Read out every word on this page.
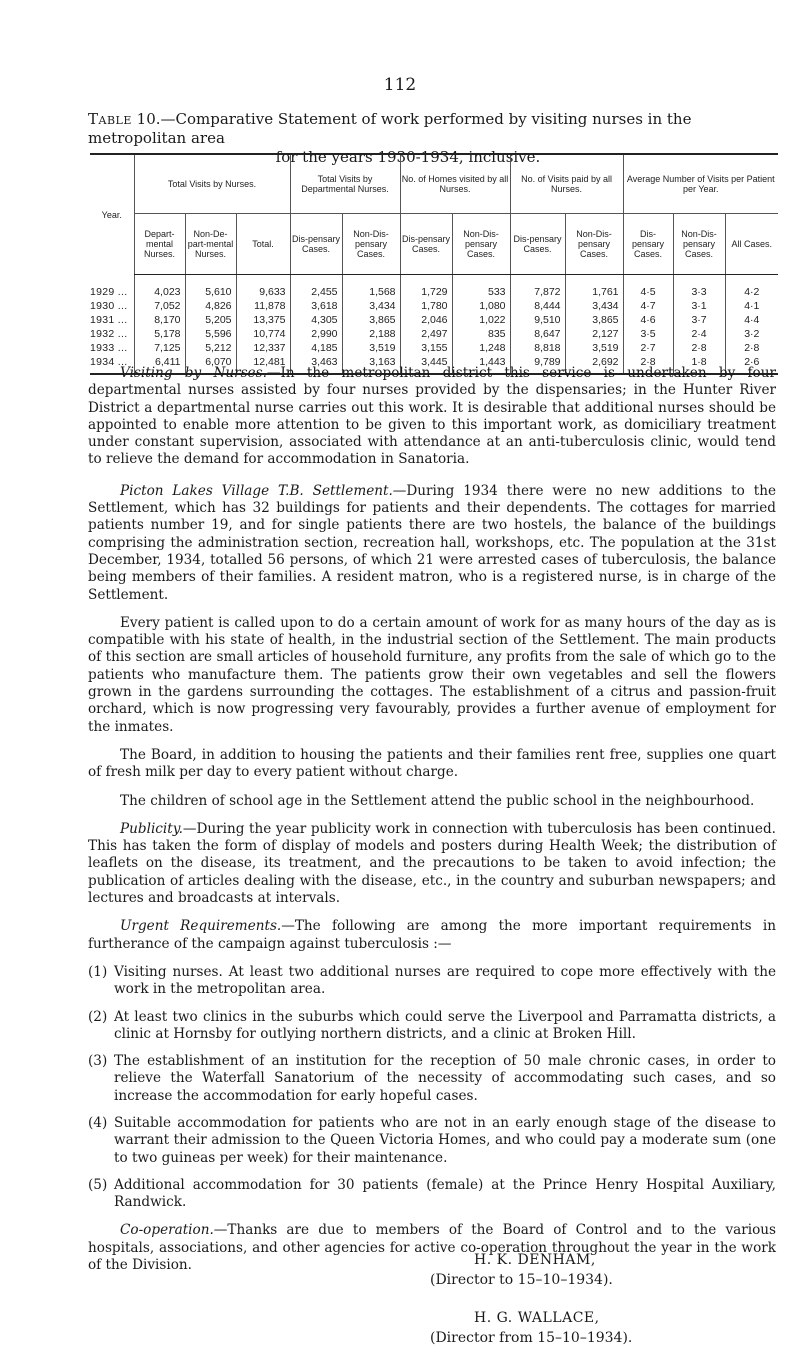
112
Table 10.—Comparative Statement of work performed by visiting nurses in the metropolitan area
for the years 1930-1934, inclusive.
Year.	Total Visits by Nurses.			Total Visits by Departmental Nurses.		No. of Homes visited by all Nurses.		No. of Visits paid by all Nurses.		Average Number of Visits per Patient per Year.		
	Depart-mental Nurses.	Non-De-part-mental Nurses.	Total.	Dis-pensary Cases.	Non-Dis-pensary Cases.	Dis-pensary Cases.	Non-Dis-pensary Cases.	Dis-pensary Cases.	Non-Dis-pensary Cases.	Dis-pensary Cases.	Non-Dis-pensary Cases.	All Cases.
1929 ...	4,023	5,610	9,633	2,455	1,568	1,729	533	7,872	1,761	4·5	3·3	4·2
1930 ...	7,052	4,826	11,878	3,618	3,434	1,780	1,080	8,444	3,434	4·7	3·1	4·1
1931 ...	8,170	5,205	13,375	4,305	3,865	2,046	1,022	9,510	3,865	4·6	3·7	4·4
1932 ...	5,178	5,596	10,774	2,990	2,188	2,497	835	8,647	2,127	3·5	2·4	3·2
1933 ...	7,125	5,212	12,337	4,185	3,519	3,155	1,248	8,818	3,519	2·7	2·8	2·8
1934 ...	6,411	6,070	12,481	3,463	3,163	3,445	1,443	9,789	2,692	2·8	1·8	2·6

Visiting by Nurses.—In the metropolitan district this service is undertaken by four departmental nurses assisted by four nurses provided by the dispensaries; in the Hunter River District a departmental nurse carries out this work. It is desirable that additional nurses should be appointed to enable more attention to be given to this important work, as domiciliary treatment under constant supervision, associated with attendance at an anti-tuberculosis clinic, would tend to relieve the demand for accommodation in Sanatoria.

Picton Lakes Village T.B. Settlement.—During 1934 there were no new additions to the Settlement, which has 32 buildings for patients and their dependents. The cottages for married patients number 19, and for single patients there are two hostels, the balance of the buildings comprising the administration section, recreation hall, workshops, etc. The population at the 31st December, 1934, totalled 56 persons, of which 21 were arrested cases of tuberculosis, the balance being members of their families. A resident matron, who is a registered nurse, is in charge of the Settlement.

Every patient is called upon to do a certain amount of work for as many hours of the day as is compatible with his state of health, in the industrial section of the Settlement. The main products of this section are small articles of household furniture, any profits from the sale of which go to the patients who manufacture them. The patients grow their own vegetables and sell the flowers grown in the gardens surrounding the cottages. The establishment of a citrus and passion-fruit orchard, which is now progressing very favourably, provides a further avenue of employment for the inmates.

The Board, in addition to housing the patients and their families rent free, supplies one quart of fresh milk per day to every patient without charge.

The children of school age in the Settlement attend the public school in the neighbourhood.

Publicity.—During the year publicity work in connection with tuberculosis has been continued. This has taken the form of display of models and posters during Health Week; the distribution of leaflets on the disease, its treatment, and the precautions to be taken to avoid infection; the publication of articles dealing with the disease, etc., in the country and suburban newspapers; and lectures and broadcasts at intervals.

Urgent Requirements.—The following are among the more important requirements in furtherance of the campaign against tuberculosis :—

(1) Visiting nurses. At least two additional nurses are required to cope more effectively with the work in the metropolitan area.
(2) At least two clinics in the suburbs which could serve the Liverpool and Parramatta districts, a clinic at Hornsby for outlying northern districts, and a clinic at Broken Hill.
(3) The establishment of an institution for the reception of 50 male chronic cases, in order to relieve the Waterfall Sanatorium of the necessity of accommodating such cases, and so increase the accommodation for early hopeful cases.
(4) Suitable accommodation for patients who are not in an early enough stage of the disease to warrant their admission to the Queen Victoria Homes, and who could pay a moderate sum (one to two guineas per week) for their maintenance.
(5) Additional accommodation for 30 patients (female) at the Prince Henry Hospital Auxiliary, Randwick.

Co-operation.—Thanks are due to members of the Board of Control and to the various hospitals, associations, and other agencies for active co-operation throughout the year in the work of the Division.	H. K. DENHAM,
(Director to 15–10–1934).
H. G. WALLACE,
(Director from 15–10–1934).
